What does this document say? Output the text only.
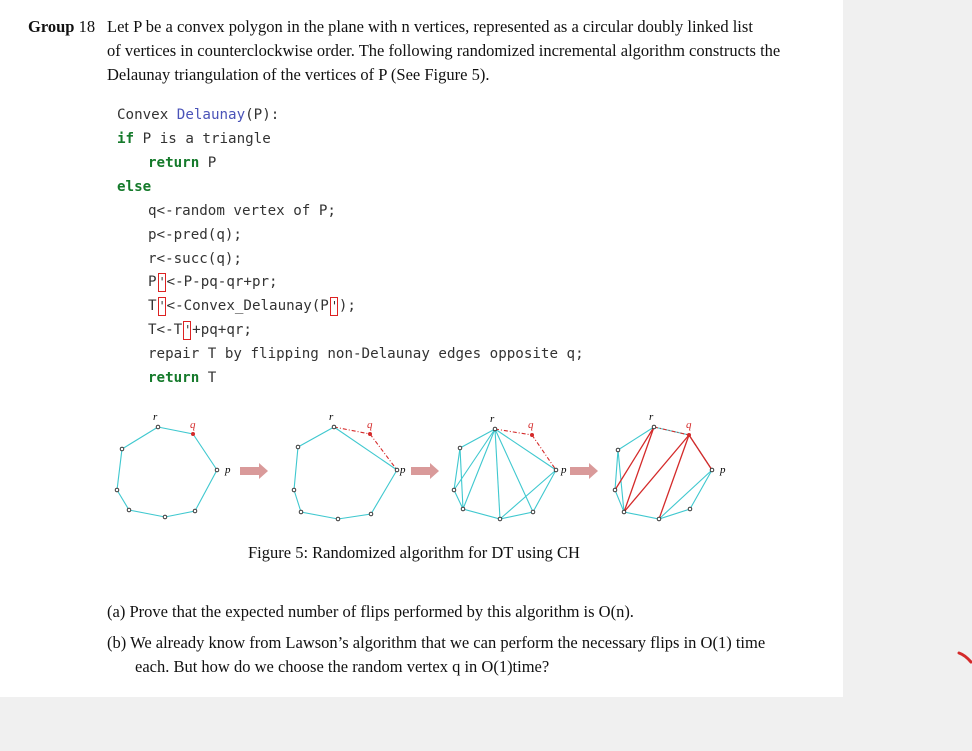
Group 18 Let P be a convex polygon in the plane with n vertices, represented as a circular doubly linked list
of vertices in counterclockwise order. The following randomized incremental algorithm constructs the
Delaunay triangulation of the vertices of P (See Figure 5).
Convex Delaunay(P):
if P is a triangle
return P
else
q<-random vertex of P;
p<-pred(q);
r<-succ(q);
P '<-P-pq-qr+pr;
T '<-Convex_Delaunay(P ');
T<-T '+pq+qr;
repair T by flipping non-Delaunay edges opposite q;
return T
r
q
p
r
q
p
r	q
p
r
q
p
Figure 5: Randomized algorithm for DT using CH
(a) Prove that the expected number of flips performed by this algorithm is O(n).
(b) We already know from Lawson’s algorithm that we can perform the necessary flips in O(1) time
each. But how do we choose the random vertex q in O(1)time?
